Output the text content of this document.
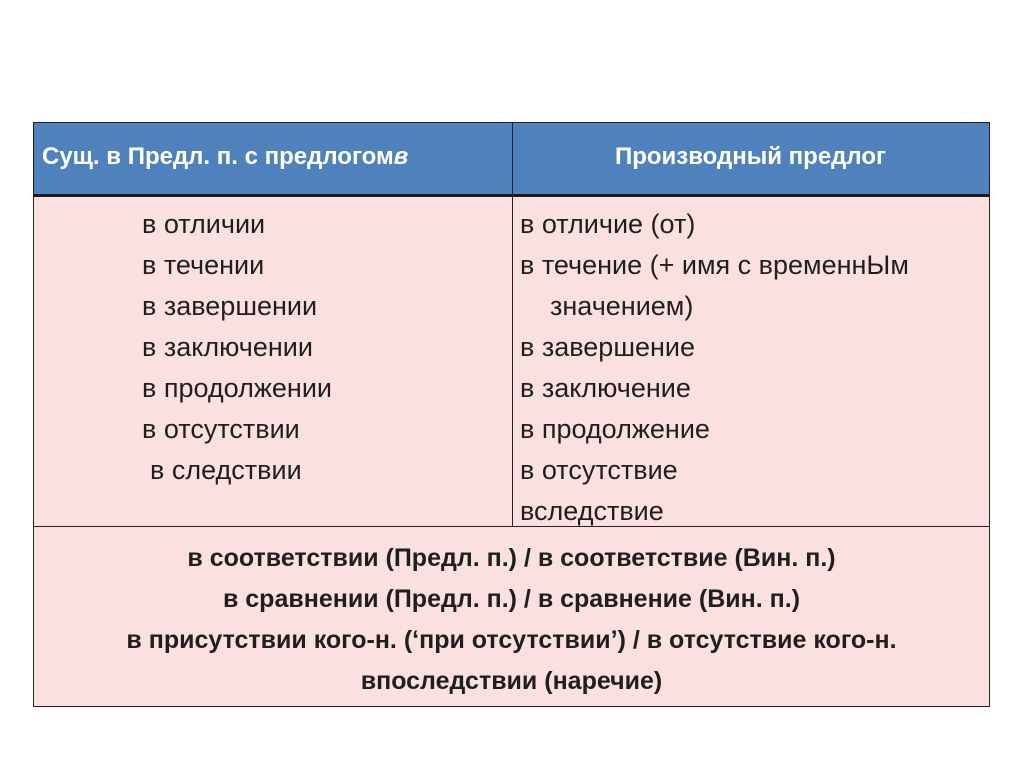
Сущ. в Предл. п. с предлогом в	Производный предлог
в отличии
в течении
в завершении
в заключении
в продолжении
в отсутствии
в следствии
в отличие (от)
в течение (+ имя с временнЫм
значением)
в завершение
в заключение
в продолжение
в отсутствие
вследствие
в соответствии (Предл. п.) / в соответствие (Вин. п.)
в сравнении (Предл. п.) / в сравнение (Вин. п.)
в присутствии кого-н. (‘при отсутствии’) / в отсутствие кого-н.
впоследствии (наречие)
